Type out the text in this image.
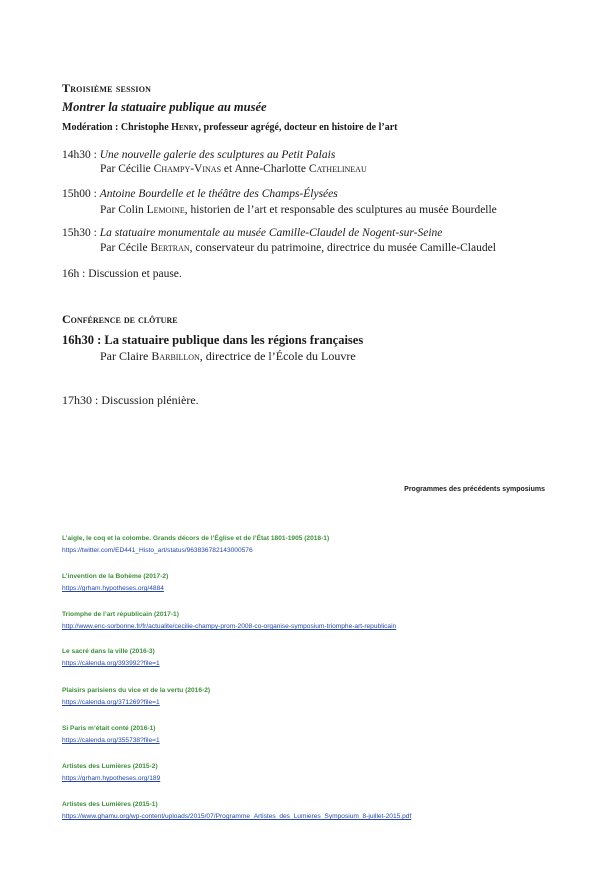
Troisième session
Montrer la statuaire publique au musée
Modération : Christophe Henry, professeur agrégé, docteur en histoire de l’art
14h30 : Une nouvelle galerie des sculptures au Petit Palais
Par Cécilie Champy-Vinas et Anne-Charlotte Cathelineau
15h00 : Antoine Bourdelle et le théâtre des Champs-Élysées
Par Colin Lemoine, historien de l’art et responsable des sculptures au musée Bourdelle
15h30 : La statuaire monumentale au musée Camille-Claudel de Nogent-sur-Seine
Par Cécile Bertran, conservateur du patrimoine, directrice du musée Camille-Claudel
16h : Discussion et pause.
Conférence de clôture
16h30 : La statuaire publique dans les régions françaises
Par Claire Barbillon, directrice de l’École du Louvre
17h30 : Discussion plénière.
Programmes des précédents symposiums
L’aigle, le coq et la colombe. Grands décors de l’Église et de l’État 1801-1905 (2018-1)
https://twitter.com/ED441_Histo_art/status/963836782143000576
L’invention de la Bohème (2017-2)
https://grham.hypotheses.org/4884
Triomphe de l’art républicain (2017-1)
http://www.enc-sorbonne.fr/fr/actualite/cecilie-champy-prom-2008-co-organise-symposium-triomphe-art-republicain
Le sacré dans la ville (2016-3)
https://calenda.org/393992?file=1
Plaisirs parisiens du vice et de la vertu (2016-2)
https://calenda.org/371269?file=1
Si Paris m’était conté (2016-1)
https://calenda.org/355738?file=1
Artistes des Lumières (2015-2)
https://grham.hypotheses.org/189
Artistes des Lumières (2015-1)
https://www.ghamu.org/wp-content/uploads/2015/07/Programme_Artistes_des_Lumieres_Symposium_8-juillet-2015.pdf
